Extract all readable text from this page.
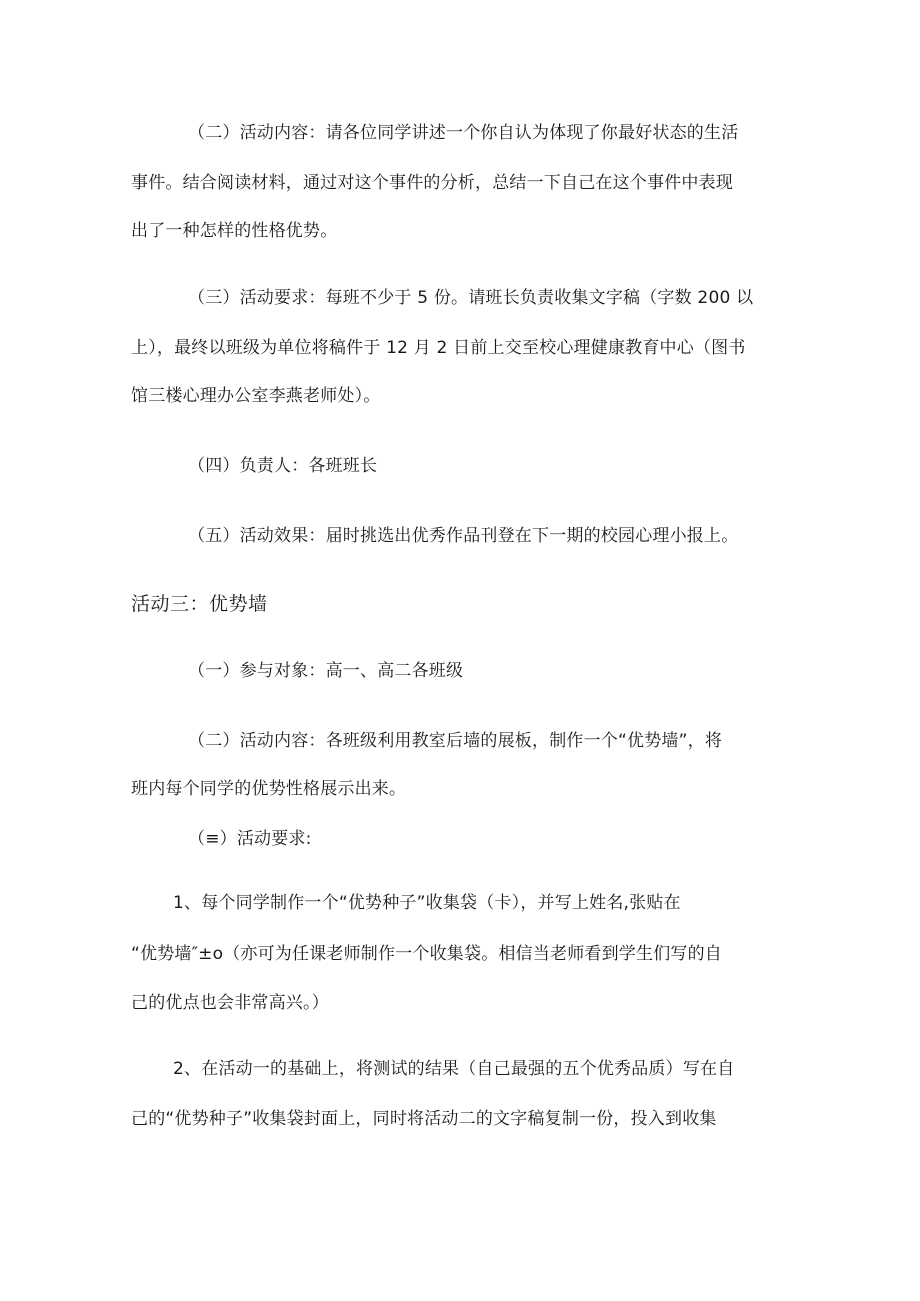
（二）活动内容：请各位同学讲述一个你自认为体现了你最好状态的生活
事件。结合阅读材料，通过对这个事件的分析，总结一下自己在这个事件中表现
出了一种怎样的性格优势。
（三）活动要求：每班不少于 5 份。请班长负责收集文字稿（字数 200 以
上），最终以班级为单位将稿件于 12 月 2 日前上交至校心理健康教育中心（图书
馆三楼心理办公室李燕老师处）。
（四）负责人：各班班长
（五）活动效果：届时挑选出优秀作品刊登在下一期的校园心理小报上。
活动三：优势墙
（一）参与对象：高一、高二各班级
（二）活动内容：各班级利用教室后墙的展板，制作一个“优势墙”，将
班内每个同学的优势性格展示出来。
（≡）活动要求:
1、每个同学制作一个“优势种子”收集袋（卡），并写上姓名,张贴在
“优势墙″±o（亦可为任课老师制作一个收集袋。相信当老师看到学生们写的自
己的优点也会非常高兴。）
2、在活动一的基础上，将测试的结果（自己最强的五个优秀品质）写在自
己的“优势种子”收集袋封面上，同时将活动二的文字稿复制一份，投入到收集
